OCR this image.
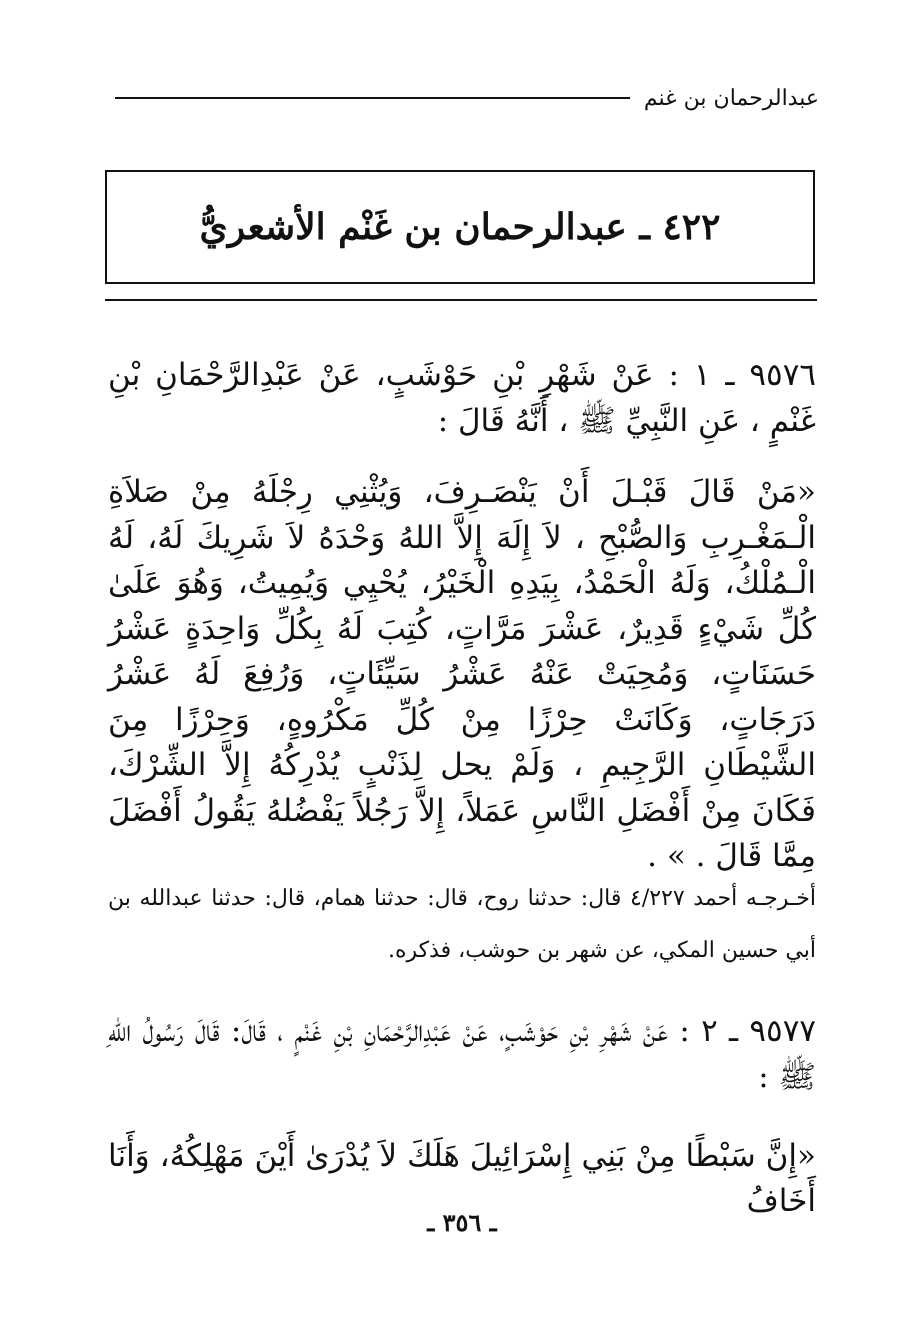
عبدالرحمان بن غنم
٤٢٢ ـ عبدالرحمان بن غَنْم الأشعريُّ

٩٥٧٦ ـ ١ : عَنْ شَهْرِ بْنِ حَوْشَبٍ، عَنْ عَبْدِالرَّحْمَانِ بْنِ غَنْمٍ ، عَنِ النَّبِيِّ ﷺ ، أَنَّهُ قَالَ :

«مَنْ قَالَ قَبْـلَ أَنْ يَنْصَـرِفَ، وَيُثْنِي رِجْلَهُ مِنْ صَلاَةِ الْـمَغْـرِبِ وَالصُّبْحِ ، لاَ إِلَهَ إِلاَّ اللهُ وَحْدَهُ لاَ شَرِيكَ لَهُ، لَهُ الْـمُلْكُ، وَلَهُ الْحَمْدُ، بِيَدِهِ الْخَيْرُ، يُحْيِي وَيُمِيتُ، وَهُوَ عَلَىٰ كُلِّ شَيْءٍ قَدِيرٌ، عَشْرَ مَرَّاتٍ، كُتِبَ لَهُ بِكُلِّ وَاحِدَةٍ عَشْرُ حَسَنَاتٍ، وَمُحِيَتْ عَنْهُ عَشْرُ سَيِّئَاتٍ، وَرُفِعَ لَهُ عَشْرُ دَرَجَاتٍ، وَكَانَتْ حِرْزًا مِنْ كُلِّ مَكْرُوهٍ، وَحِرْزًا مِنَ الشَّيْطَانِ الرَّجِيمِ ، وَلَمْ يحل لِذَنْبٍ يُدْرِكُهُ إِلاَّ الشِّرْكَ، فَكَانَ مِنْ أَفْضَلِ النَّاسِ عَمَلاً، إِلاَّ رَجُلاً يَفْضُلهُ يَقُولُ أَفْضَلَ مِمَّا قَالَ . » .

أخـرجـه أحمد ٤/٢٢٧ قال: حدثنا روح، قال: حدثنا همام، قال: حدثنا عبدالله بن أبي حسين المكي، عن شهر بن حوشب، فذكره.

٩٥٧٧ ـ ٢ : عَنْ شَهْرِ بْنِ حَوْشَبٍ، عَنْ عَبْدِالرَّحْمَانِ بْنِ غَنْمٍ ، قَالَ: قَالَ رَسُولُ اللهِ ﷺ :

«إِنَّ سَبْطًا مِنْ بَنِي إِسْرَائِيلَ هَلَكَ لاَ يُدْرَىٰ أَيْنَ مَهْلِكُهُ، وَأَنَا أَخَافُ

ـ ٣٥٦ ـ
